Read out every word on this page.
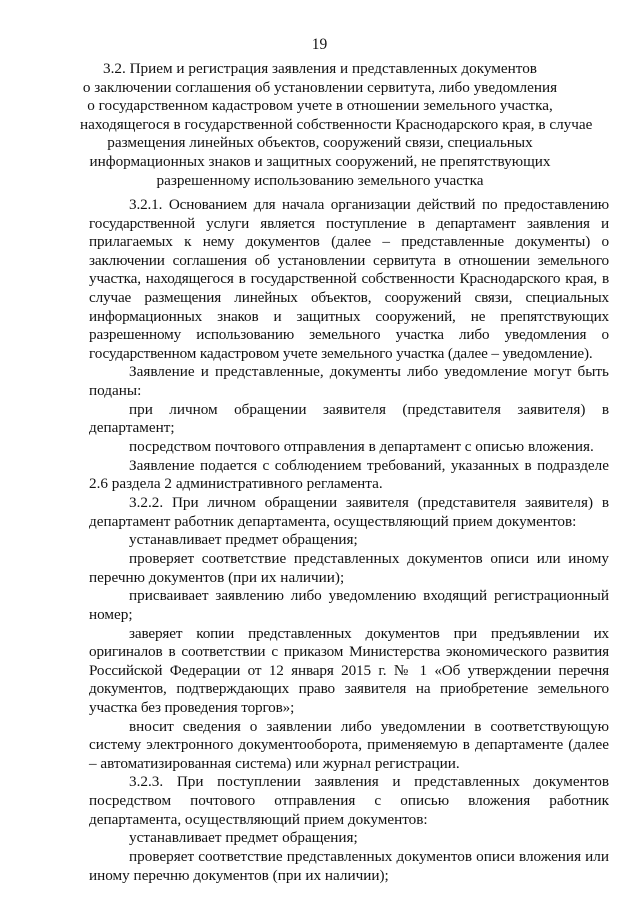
19
3.2. Прием и регистрация заявления и представленных документов
о заключении соглашения об установлении сервитута, либо уведомления
о государственном кадастровом учете в отношении земельного участка,
находящегося в государственной собственности Краснодарского края, в случае
размещения линейных объектов, сооружений связи, специальных
информационных знаков и защитных сооружений, не препятствующих
разрешенному использованию земельного участка

3.2.1. Основанием для начала организации действий по предоставлению государственной услуги является поступление в департамент заявления и прилагаемых к нему документов (далее – представленные документы) о заключении соглашения об установлении сервитута в отношении земельного участка, находящегося в государственной собственности Краснодарского края, в случае размещения линейных объектов, сооружений связи, специальных информационных знаков и защитных сооружений, не препятствующих разрешенному использованию земельного участка либо уведомления о государственном кадастровом учете земельного участка (далее – уведомление).

Заявление и представленные, документы либо уведомление могут быть поданы:

при личном обращении заявителя (представителя заявителя) в департамент;

посредством почтового отправления в департамент с описью вложения.

Заявление подается с соблюдением требований, указанных в подразделе 2.6 раздела 2 административного регламента.

3.2.2. При личном обращении заявителя (представителя заявителя) в департамент работник департамента, осуществляющий прием документов:

устанавливает предмет обращения;

проверяет соответствие представленных документов описи или иному перечню документов (при их наличии);

присваивает заявлению либо уведомлению входящий регистрационный номер;

заверяет копии представленных документов при предъявлении их оригиналов в соответствии с приказом Министерства экономического развития Российской Федерации от 12 января 2015 г. № 1 «Об утверждении перечня документов, подтверждающих право заявителя на приобретение земельного участка без проведения торгов»;

вносит сведения о заявлении либо уведомлении в соответствующую систему электронного документооборота, применяемую в департаменте (далее – автоматизированная система) или журнал регистрации.

3.2.3. При поступлении заявления и представленных документов посредством почтового отправления с описью вложения работник департамента, осуществляющий прием документов:

устанавливает предмет обращения;

проверяет соответствие представленных документов описи вложения или иному перечню документов (при их наличии);
